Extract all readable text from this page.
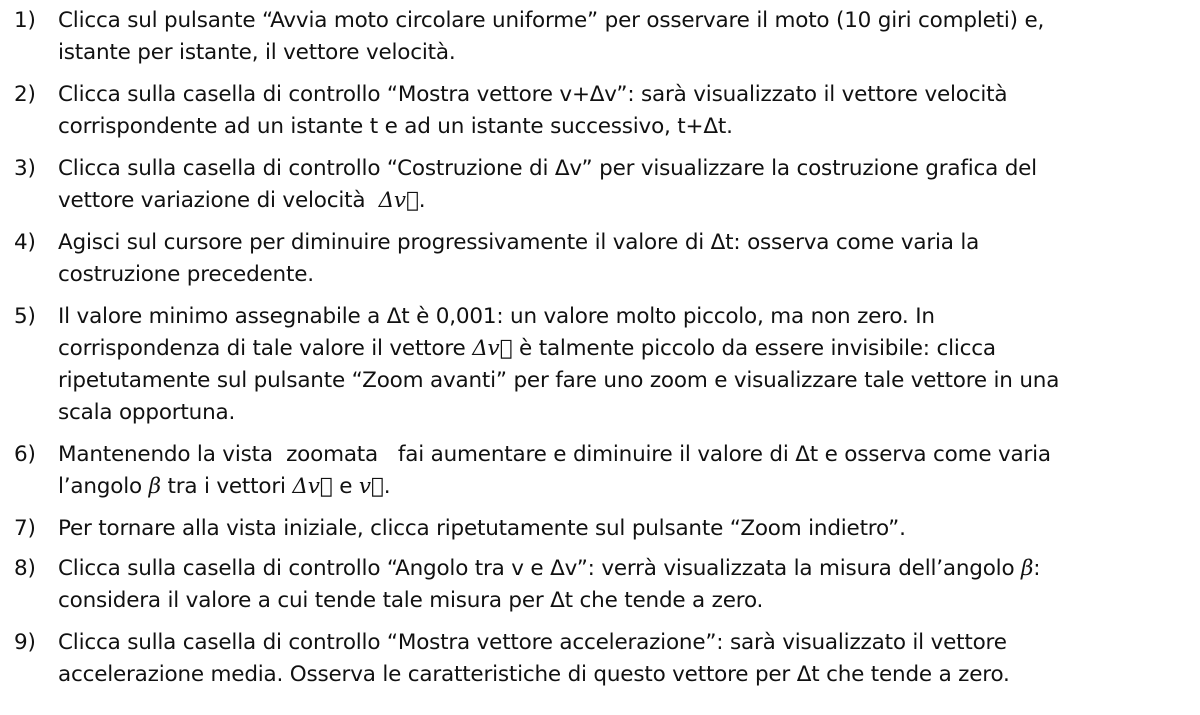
1)	Clicca sul pulsante “Avvia moto circolare uniforme” per osservare il moto (10 giri completi) e,
istante per istante, il vettore velocità.
2)	Clicca sulla casella di controllo “Mostra vettore v+Δv”: sarà visualizzato il vettore velocità
corrispondente ad un istante t e ad un istante successivo, t+Δt.
3)	Clicca sulla casella di controllo “Costruzione di Δv” per visualizzare la costruzione grafica del
vettore variazione di velocità Δv⃗.
4)	Agisci sul cursore per diminuire progressivamente il valore di Δt: osserva come varia la
costruzione precedente.
5)	Il valore minimo assegnabile a Δt è 0,001: un valore molto piccolo, ma non zero. In
corrispondenza di tale valore il vettore Δv⃗ è talmente piccolo da essere invisibile: clicca
ripetutamente sul pulsante “Zoom avanti” per fare uno zoom e visualizzare tale vettore in una
scala opportuna.
6)	Mantenendo la vista  zoomata   fai aumentare e diminuire il valore di Δt e osserva come varia
l’angolo β tra i vettori Δv⃗ e v⃗.
7)	Per tornare alla vista iniziale, clicca ripetutamente sul pulsante “Zoom indietro”.
8)	Clicca sulla casella di controllo “Angolo tra v e Δv”: verrà visualizzata la misura dell’angolo β:
considera il valore a cui tende tale misura per Δt che tende a zero.
9)	Clicca sulla casella di controllo “Mostra vettore accelerazione”: sarà visualizzato il vettore
accelerazione media. Osserva le caratteristiche di questo vettore per Δt che tende a zero.
